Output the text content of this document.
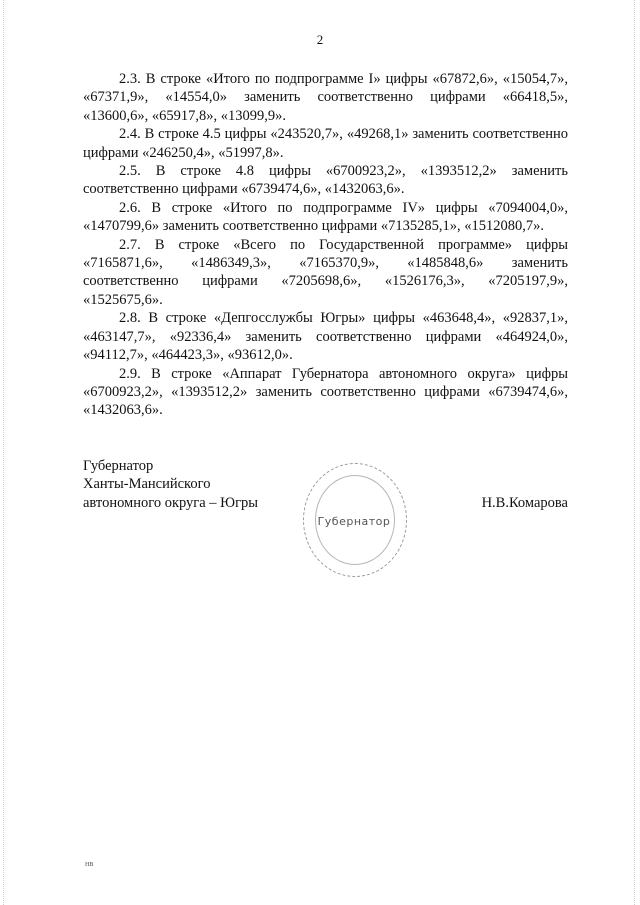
2

2.3. В строке «Итого по подпрограмме I» цифры «67872,6», «15054,7», «67371,9», «14554,0» заменить соответственно цифрами «66418,5», «13600,6», «65917,8», «13099,9».

2.4. В строке 4.5 цифры «243520,7», «49268,1» заменить соответственно цифрами «246250,4», «51997,8».

2.5. В строке 4.8 цифры «6700923,2», «1393512,2» заменить соответственно цифрами «6739474,6», «1432063,6».

2.6. В строке «Итого по подпрограмме IV» цифры «7094004,0», «1470799,6» заменить соответственно цифрами «7135285,1», «1512080,7».

2.7. В строке «Всего по Государственной программе» цифры «7165871,6», «1486349,3», «7165370,9», «1485848,6» заменить соответственно цифрами «7205698,6», «1526176,3», «7205197,9», «1525675,6».

2.8. В строке «Депгосслужбы Югры» цифры «463648,4», «92837,1», «463147,7», «92336,4» заменить соответственно цифрами «464924,0», «94112,7», «464423,3», «93612,0».

2.9. В строке «Аппарат Губернатора автономного округа» цифры «6700923,2», «1393512,2» заменить соответственно цифрами «6739474,6», «1432063,6».

Губернатор
Ханты-Мансийского
автономного округа – Югры
Губернатор
Н.В.Комарова
НВ
